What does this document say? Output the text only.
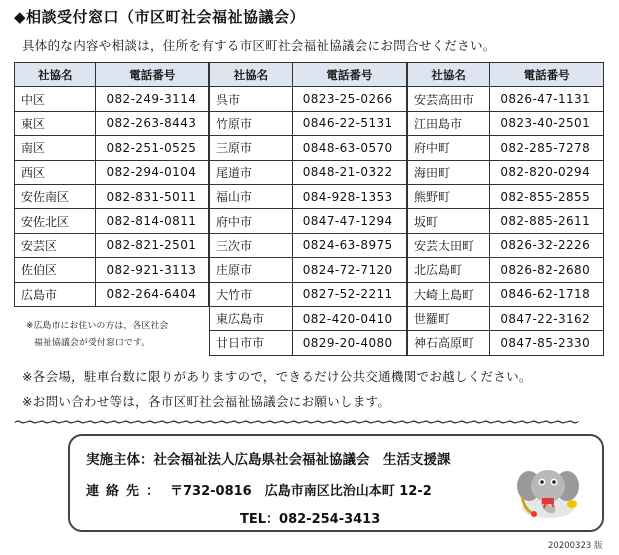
◆相談受付窓口（市区町社会福祉協議会）
具体的な内容や相談は，住所を有する市区町社会福祉協議会にお問合せください。
社協名	電話番号
中区	082-249-3114
東区	082-263-8443
南区	082-251-0525
西区	082-294-0104
安佐南区	082-831-5011
安佐北区	082-814-0811
安芸区	082-821-2501
佐伯区	082-921-3113
広島市	082-264-6404
社協名	電話番号
呉市	0823-25-0266
竹原市	0846-22-5131
三原市	0848-63-0570
尾道市	0848-21-0322
福山市	084-928-1353
府中市	0847-47-1294
三次市	0824-63-8975
庄原市	0824-72-7120
大竹市	0827-52-2211
東広島市	082-420-0410
廿日市市	0829-20-4080
社協名	電話番号
安芸高田市	0826-47-1131
江田島市	0823-40-2501
府中町	082-285-7278
海田町	082-820-0294
熊野町	082-855-2855
坂町	082-885-2611
安芸太田町	0826-32-2226
北広島町	0826-82-2680
大崎上島町	0846-62-1718
世羅町	0847-22-3162
神石高原町	0847-85-2330
※広島市にお住いの方は，各区社会
福祉協議会が受付窓口です。
※各会場，駐車台数に限りがありますので，できるだけ公共交通機関でお越しください。
※お問い合わせ等は，各市区町社会福祉協議会にお願いします。
〜〜〜〜〜〜〜〜〜〜〜〜〜〜〜〜〜〜〜〜〜〜〜〜〜〜〜〜〜〜〜〜〜〜〜〜〜〜〜〜〜〜〜〜〜〜〜
実施主体：社会福祉法人広島県社会福祉協議会　生活支援課
連絡先： 〒732-0816　広島市南区比治山本町 12-2
TEL：082-254-3413
20200323 版
